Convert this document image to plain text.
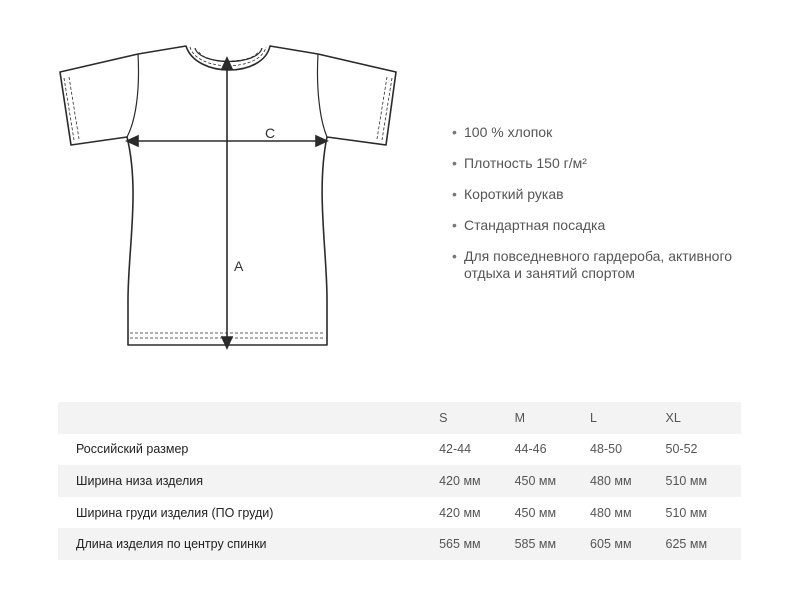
C
A
• 100 % хлопок
• Плотность 150 г/м²
• Короткий рукав
• Стандартная посадка
• Для повседневного гардероба, активного отдыха и занятий спортом
	S	M	L	XL
Российский размер	42-44	44-46	48-50	50-52
Ширина низа изделия	420 мм	450 мм	480 мм	510 мм
Ширина груди изделия (ПО груди)	420 мм	450 мм	480 мм	510 мм
Длина изделия по центру спинки	565 мм	585 мм	605 мм	625 мм
